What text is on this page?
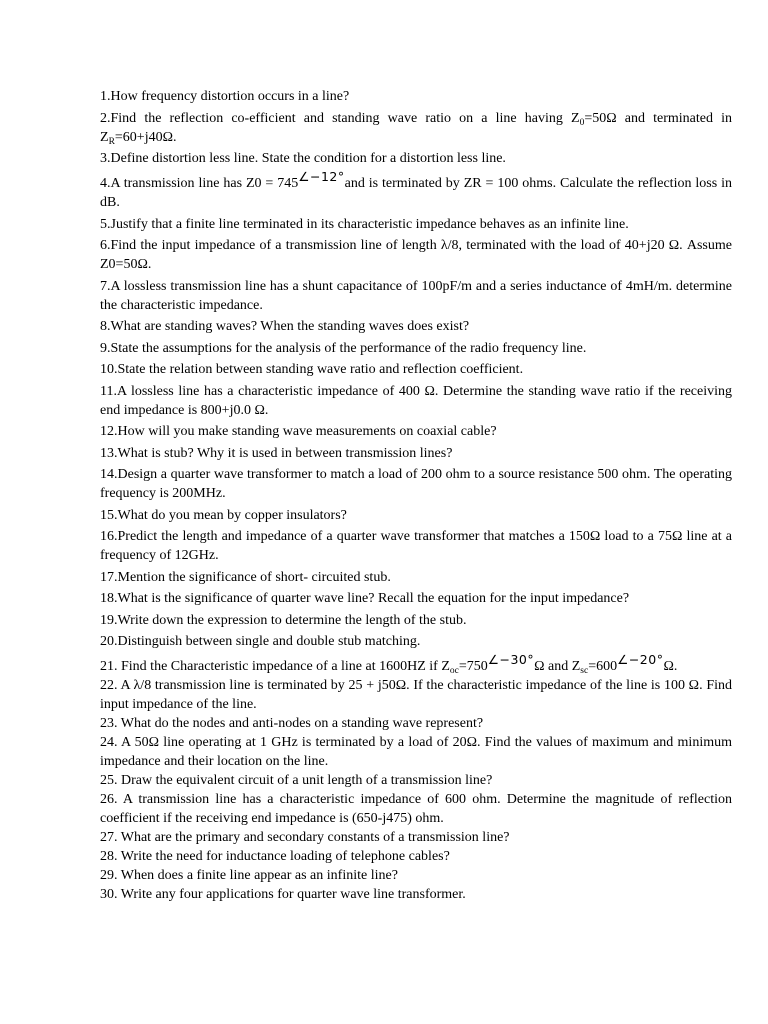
1.How frequency distortion occurs in a line?

2.Find the reflection co-efficient and standing wave ratio on a line having $Z_0=50\Omega$ and terminated in $Z_R=60+j40\Omega$.

3.Define distortion less line. State the condition for a distortion less line.

4.A transmission line has Z0 = 745∠−12°and is terminated by ZR = 100 ohms. Calculate the reflection loss in dB.

5.Justify that a finite line terminated in its characteristic impedance behaves as an infinite line.

6.Find the input impedance of a transmission line of length λ/8, terminated with the load of 40+j20 Ω. Assume Z0=50Ω.

7.A lossless transmission line has a shunt capacitance of 100pF/m and a series inductance of 4mH/m. determine the characteristic impedance.

8.What are standing waves? When the standing waves does exist?

9.State the assumptions for the analysis of the performance of the radio frequency line.

10.State the relation between standing wave ratio and reflection coefficient.

11.A lossless line has a characteristic impedance of 400 Ω. Determine the standing wave ratio if the receiving end impedance is 800+j0.0 Ω.

12.How will you make standing wave measurements on coaxial cable?

13.What is stub? Why it is used in between transmission lines?

14.Design a quarter wave transformer to match a load of 200 ohm to a source resistance 500 ohm. The operating frequency is 200MHz.

15.What do you mean by copper insulators?

16.Predict the length and impedance of a quarter wave transformer that matches a 150Ω load to a 75Ω line at a frequency of 12GHz.

17.Mention the significance of short- circuited stub.

18.What is the significance of quarter wave line? Recall the equation for the input impedance?

19.Write down the expression to determine the length of the stub.

20.Distinguish between single and double stub matching.

21. Find the Characteristic impedance of a line at 1600HZ if $Z_{oc}=750\angle-30^\circ\Omega$ and $Z_{sc}=600\angle-20^\circ\Omega$.

22. A λ/8 transmission line is terminated by 25 + j50Ω. If the characteristic impedance of the line is 100 Ω. Find input impedance of the line.

23. What do the nodes and anti-nodes on a standing wave represent?

24. A 50Ω line operating at 1 GHz is terminated by a load of 20Ω. Find the values of maximum and minimum impedance and their location on the line.

25. Draw the equivalent circuit of a unit length of a transmission line?

26. A transmission line has a characteristic impedance of 600 ohm. Determine the magnitude of reflection coefficient if the receiving end impedance is (650-j475) ohm.

27. What are the primary and secondary constants of a transmission line?

28. Write the need for inductance loading of telephone cables?

29. When does a finite line appear as an infinite line?

30. Write any four applications for quarter wave line transformer.
